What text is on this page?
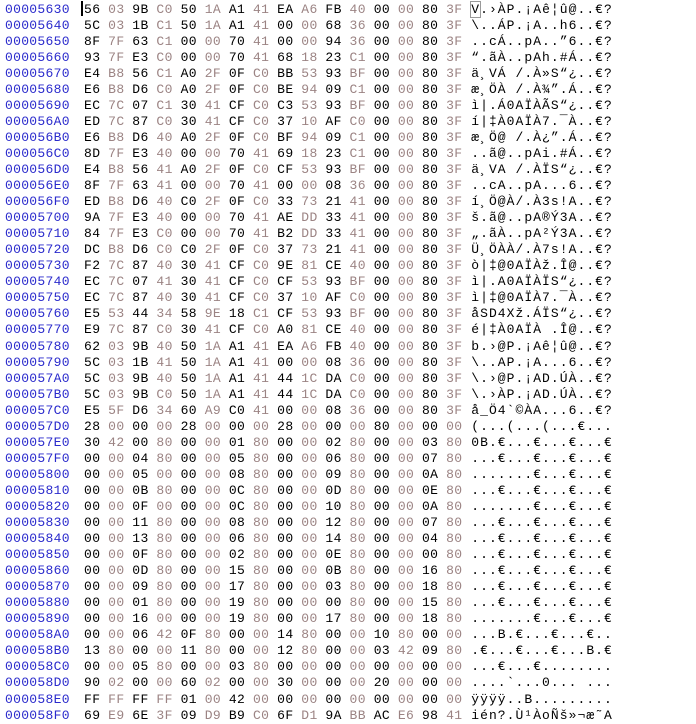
00005630 56 03 9B C0 50 1A A1 41 EA A6 FB 40 00 00 80 3F V.›ÀP.¡Aê¦û@..€?
00005640 5C 03 1B C1 50 1A A1 41 00 00 68 36 00 00 80 3F \..ÁP.¡A..h6..€?
00005650 8F 7F 63 C1 00 00 70 41 00 00 94 36 00 00 80 3F ..cÁ..pA..”6..€?
00005660 93 7F E3 C0 00 00 70 41 68 18 23 C1 00 00 80 3F “.ãÀ..pAh.#Á..€?
00005670 E4 B8 56 C1 A0 2F 0F C0 BB 53 93 BF 00 00 80 3F ä¸VÁ /.À»S“¿..€?
00005680 E6 B8 D6 C0 A0 2F 0F C0 BE 94 09 C1 00 00 80 3F æ¸ÖÀ /.À¾”.Á..€?
00005690 EC 7C 07 C1 30 41 CF C0 C3 53 93 BF 00 00 80 3F ì|.Á0AÏÀÃS“¿..€?
000056A0 ED 7C 87 C0 30 41 CF C0 37 10 AF C0 00 00 80 3F í|‡À0AÏÀ7.¯À..€?
000056B0 E6 B8 D6 40 A0 2F 0F C0 BF 94 09 C1 00 00 80 3F æ¸Ö@ /.À¿”.Á..€?
000056C0 8D 7F E3 40 00 00 70 41 69 18 23 C1 00 00 80 3F ..ã@..pAi.#Á..€?
000056D0 E4 B8 56 41 A0 2F 0F C0 CF 53 93 BF 00 00 80 3F ä¸VA /.ÀÏS“¿..€?
000056E0 8F 7F 63 41 00 00 70 41 00 00 08 36 00 00 80 3F ..cA..pA...6..€?
000056F0 ED B8 D6 40 C0 2F 0F C0 33 73 21 41 00 00 80 3F í¸Ö@À/.À3s!A..€?
00005700 9A 7F E3 40 00 00 70 41 AE DD 33 41 00 00 80 3F š.ã@..pA®Ý3A..€?
00005710 84 7F E3 C0 00 00 70 41 B2 DD 33 41 00 00 80 3F „.ãÀ..pA²Ý3A..€?
00005720 DC B8 D6 C0 C0 2F 0F C0 37 73 21 41 00 00 80 3F Ü¸ÖÀÀ/.À7s!A..€?
00005730 F2 7C 87 40 30 41 CF C0 9E 81 CE 40 00 00 80 3F ò|‡@0AÏÀž.Î@..€?
00005740 EC 7C 07 41 30 41 CF C0 CF 53 93 BF 00 00 80 3F ì|.A0AÏÀÏS“¿..€?
00005750 EC 7C 87 40 30 41 CF C0 37 10 AF C0 00 00 80 3F ì|‡@0AÏÀ7.¯À..€?
00005760 E5 53 44 34 58 9E 18 C1 CF 53 93 BF 00 00 80 3F åSD4Xž.ÁÏS“¿..€?
00005770 E9 7C 87 C0 30 41 CF C0 A0 81 CE 40 00 00 80 3F é|‡À0AÏÀ .Î@..€?
00005780 62 03 9B 40 50 1A A1 41 EA A6 FB 40 00 00 80 3F b.›@P.¡Aê¦û@..€?
00005790 5C 03 1B 41 50 1A A1 41 00 00 08 36 00 00 80 3F \..AP.¡A...6..€?
000057A0 5C 03 9B 40 50 1A A1 41 44 1C DA C0 00 00 80 3F \.›@P.¡AD.ÚÀ..€?
000057B0 5C 03 9B C0 50 1A A1 41 44 1C DA C0 00 00 80 3F \.›ÀP.¡AD.ÚÀ..€?
000057C0 E5 5F D6 34 60 A9 C0 41 00 00 08 36 00 00 80 3F å_Ö4`©ÀA...6..€?
000057D0 28 00 00 00 28 00 00 00 28 00 00 00 80 00 00 00 (...(...(...€...
000057E0 30 42 00 80 00 00 01 80 00 00 02 80 00 00 03 80 0B.€...€...€...€
000057F0 00 00 04 80 00 00 05 80 00 00 06 80 00 00 07 80 ...€...€...€...€
00005800 00 00 05 00 00 00 08 80 00 00 09 80 00 00 0A 80 .......€...€...€
00005810 00 00 0B 80 00 00 0C 80 00 00 0D 80 00 00 0E 80 ...€...€...€...€
00005820 00 00 0F 00 00 00 0C 80 00 00 10 80 00 00 0A 80 .......€...€...€
00005830 00 00 11 80 00 00 08 80 00 00 12 80 00 00 07 80 ...€...€...€...€
00005840 00 00 13 80 00 00 06 80 00 00 14 80 00 00 04 80 ...€...€...€...€
00005850 00 00 0F 80 00 00 02 80 00 00 0E 80 00 00 00 80 ...€...€...€...€
00005860 00 00 0D 80 00 00 15 80 00 00 0B 80 00 00 16 80 ...€...€...€...€
00005870 00 00 09 80 00 00 17 80 00 00 03 80 00 00 18 80 ...€...€...€...€
00005880 00 00 01 80 00 00 19 80 00 00 00 80 00 00 15 80 ...€...€...€...€
00005890 00 00 16 00 00 00 19 80 00 00 17 80 00 00 18 80 .......€...€...€
000058A0 00 00 06 42 0F 80 00 00 14 80 00 00 10 80 00 00 ...B.€...€...€..
000058B0 13 80 00 00 11 80 00 00 12 80 00 00 03 42 09 80 .€...€...€...B.€
000058C0 00 00 05 80 00 00 03 80 00 00 00 00 00 00 00 00 ...€...€........
000058D0 90 02 00 00 60 02 00 00 30 00 00 00 20 00 00 00 ....`...0... ...
000058E0 FF FF FF FF 01 00 42 00 00 00 00 00 00 00 00 00 ÿÿÿÿ..B.........
000058F0 69 E9 6E 3F 09 D9 B9 C0 6F D1 9A BB AC E6 98 41 ién?.Ù¹ÀoÑš»¬æ˜A
